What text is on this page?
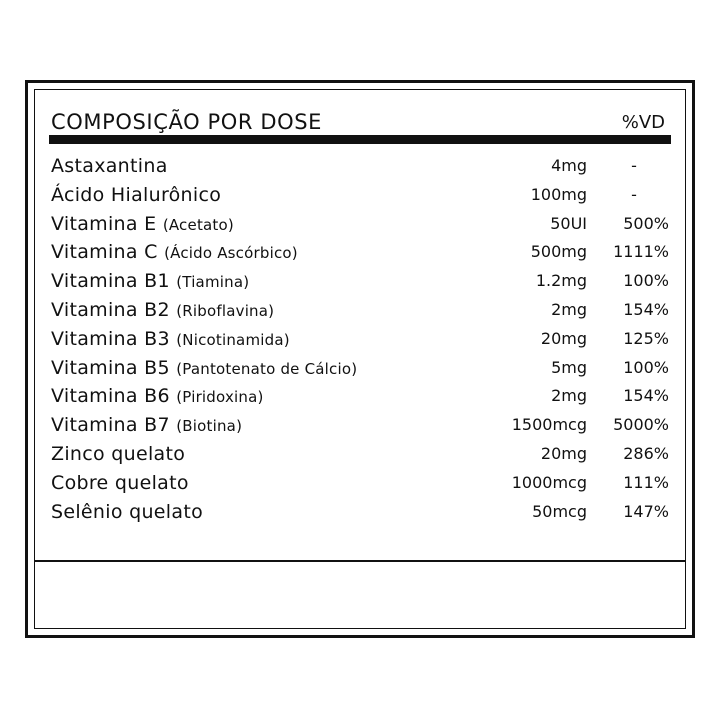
COMPOSIÇÃO POR DOSE	%VD
Astaxantina	4mg	-
Ácido Hialurônico	100mg	-
Vitamina E (Acetato)	50UI	500%
Vitamina C (Ácido Ascórbico)	500mg	1111%
Vitamina B1 (Tiamina)	1.2mg	100%
Vitamina B2 (Riboflavina)	2mg	154%
Vitamina B3 (Nicotinamida)	20mg	125%
Vitamina B5 (Pantotenato de Cálcio)	5mg	100%
Vitamina B6 (Piridoxina)	2mg	154%
Vitamina B7 (Biotina)	1500mcg	5000%
Zinco quelato	20mg	286%
Cobre quelato	1000mcg	111%
Selênio quelato	50mcg	147%
